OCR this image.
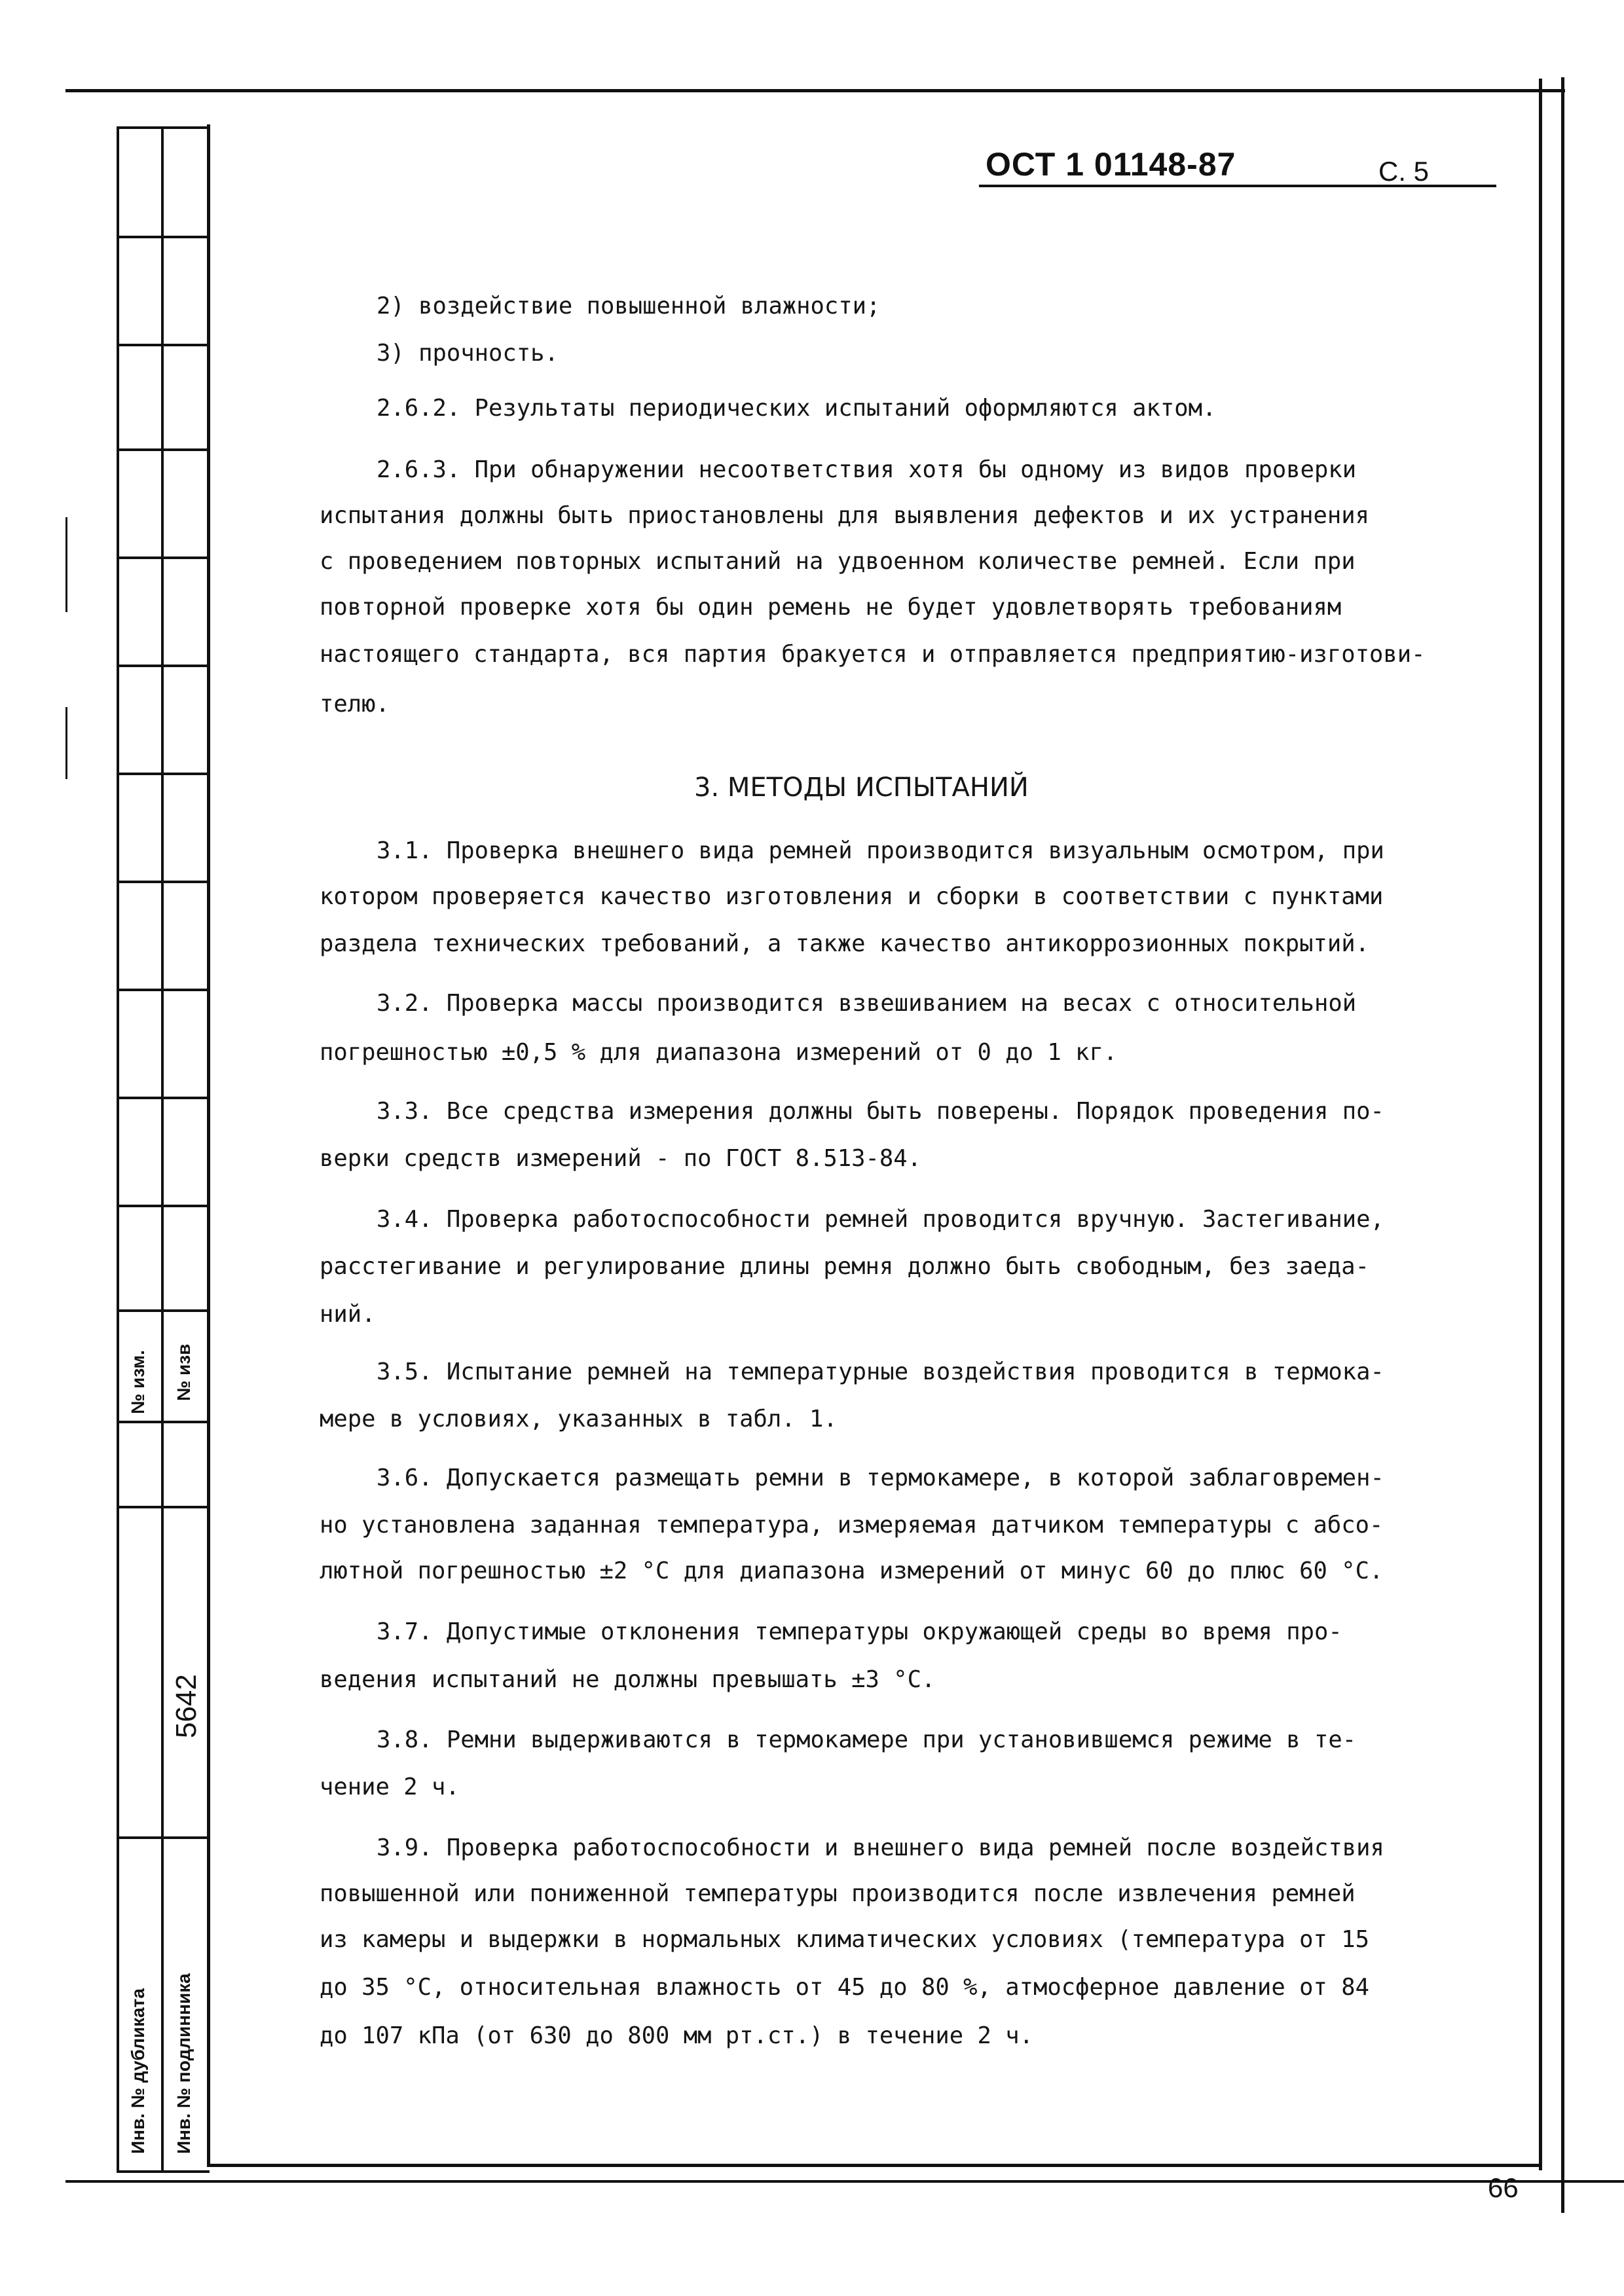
№ изм. № изв
5642
Инв. № дубликата Инв. № подлинника
ОСТ 1 01148-87	С. 5
2) воздействие повышенной влажности;
3) прочность.
2.6.2. Результаты периодических испытаний оформляются актом.
2.6.3. При обнаружении несоответствия хотя бы одному из видов проверки
испытания должны быть приостановлены для выявления дефектов и их устранения
с проведением повторных испытаний на удвоенном количестве ремней. Если при
повторной проверке хотя бы один ремень не будет удовлетворять требованиям
настоящего стандарта, вся партия бракуется и отправляется предприятию-изготови-
телю.
3. МЕТОДЫ ИСПЫТАНИЙ
3.1. Проверка внешнего вида ремней производится визуальным осмотром, при
котором проверяется качество изготовления и сборки в соответствии с пунктами
раздела технических требований, а также качество антикоррозионных покрытий.
3.2. Проверка массы производится взвешиванием на весах с относительной
погрешностью ±0,5 % для диапазона измерений от 0 до 1 кг.
3.3. Все средства измерения должны быть поверены. Порядок проведения по-
верки средств измерений - по ГОСТ 8.513-84.
3.4. Проверка работоспособности ремней проводится вручную. Застегивание,
расстегивание и регулирование длины ремня должно быть свободным, без заеда-
ний.
3.5. Испытание ремней на температурные воздействия проводится в термока-
мере в условиях, указанных в табл. 1.
3.6. Допускается размещать ремни в термокамере, в которой заблаговремен-
но установлена заданная температура, измеряемая датчиком температуры с абсо-
лютной погрешностью ±2 °С для диапазона измерений от минус 60 до плюс 60 °С.
3.7. Допустимые отклонения температуры окружающей среды во время про-
ведения испытаний не должны превышать ±3 °С.
3.8. Ремни выдерживаются в термокамере при установившемся режиме в те-
чение 2 ч.
3.9. Проверка работоспособности и внешнего вида ремней после воздействия
повышенной или пониженной температуры производится после извлечения ремней
из камеры и выдержки в нормальных климатических условиях (температура от 15
до 35 °С, относительная влажность от 45 до 80 %, атмосферное давление от 84
до 107 кПа (от 630 до 800 мм рт.ст.) в течение 2 ч.
66
